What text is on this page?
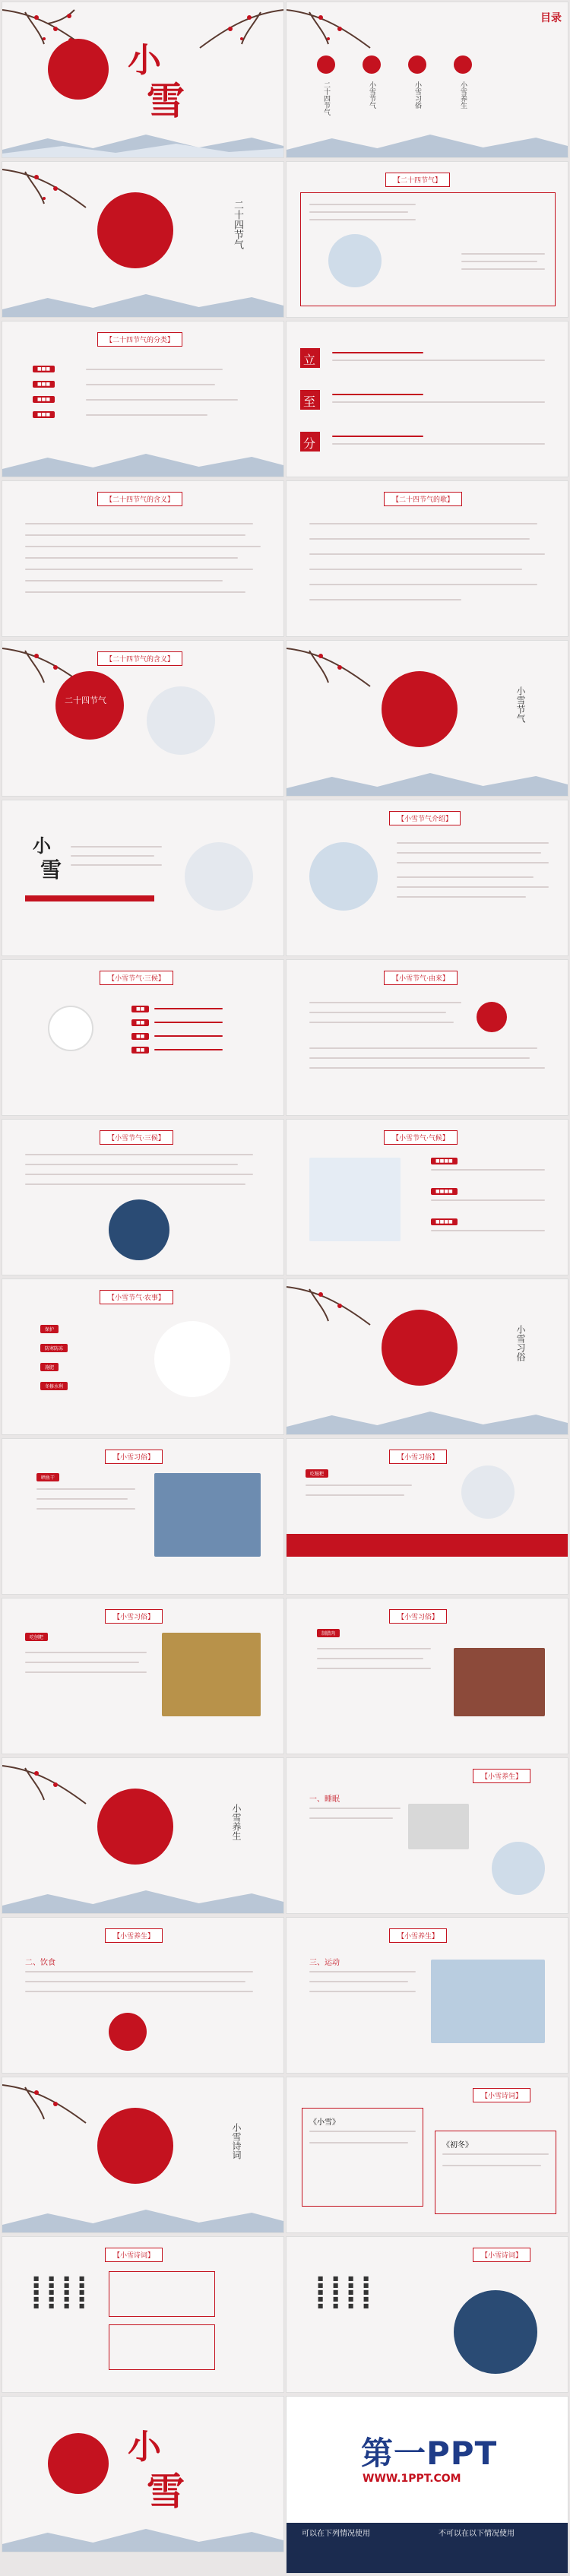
小
雪
目录
二十四节气	小雪节气	小雪习俗	小雪养生
二十四节气
【二十四节气】
【二十四节气的分类】
■■■
■■■
■■■
■■■
立
至
分
【二十四节气的含义】	【二十四节气的歌】
【二十四节气的含义】
二十四节气	小雪节气
小
雪
【小雪节气介绍】
【小雪节气·三候】
■■
■■
■■
■■
【小雪节气·由来】
【小雪节气·三候】	【小雪节气·气候】
■■■■
■■■■
■■■■
【小雪节气·农事】
保护
防寒防冻
施肥
冬修水利
小雪习俗
【小雪习俗】
晒鱼干
【小雪习俗】
吃糍粑
【小雪习俗】
吃刨粑
【小雪习俗】
制腊肉
小雪养生
【小雪养生】
一、睡眠
【小雪养生】
二、饮食
【小雪养生】
三、运动
小雪诗词
【小雪诗词】
《小雪》
《初冬》
【小雪诗词】
■■■■■ ■■■■■ ■■■■■ ■■■■■
【小雪诗词】
■■■■■ ■■■■■ ■■■■■ ■■■■■
小
雪
第一PPT
WWW.1PPT.COM
可以在下列情况使用	不可以在以下情况使用
